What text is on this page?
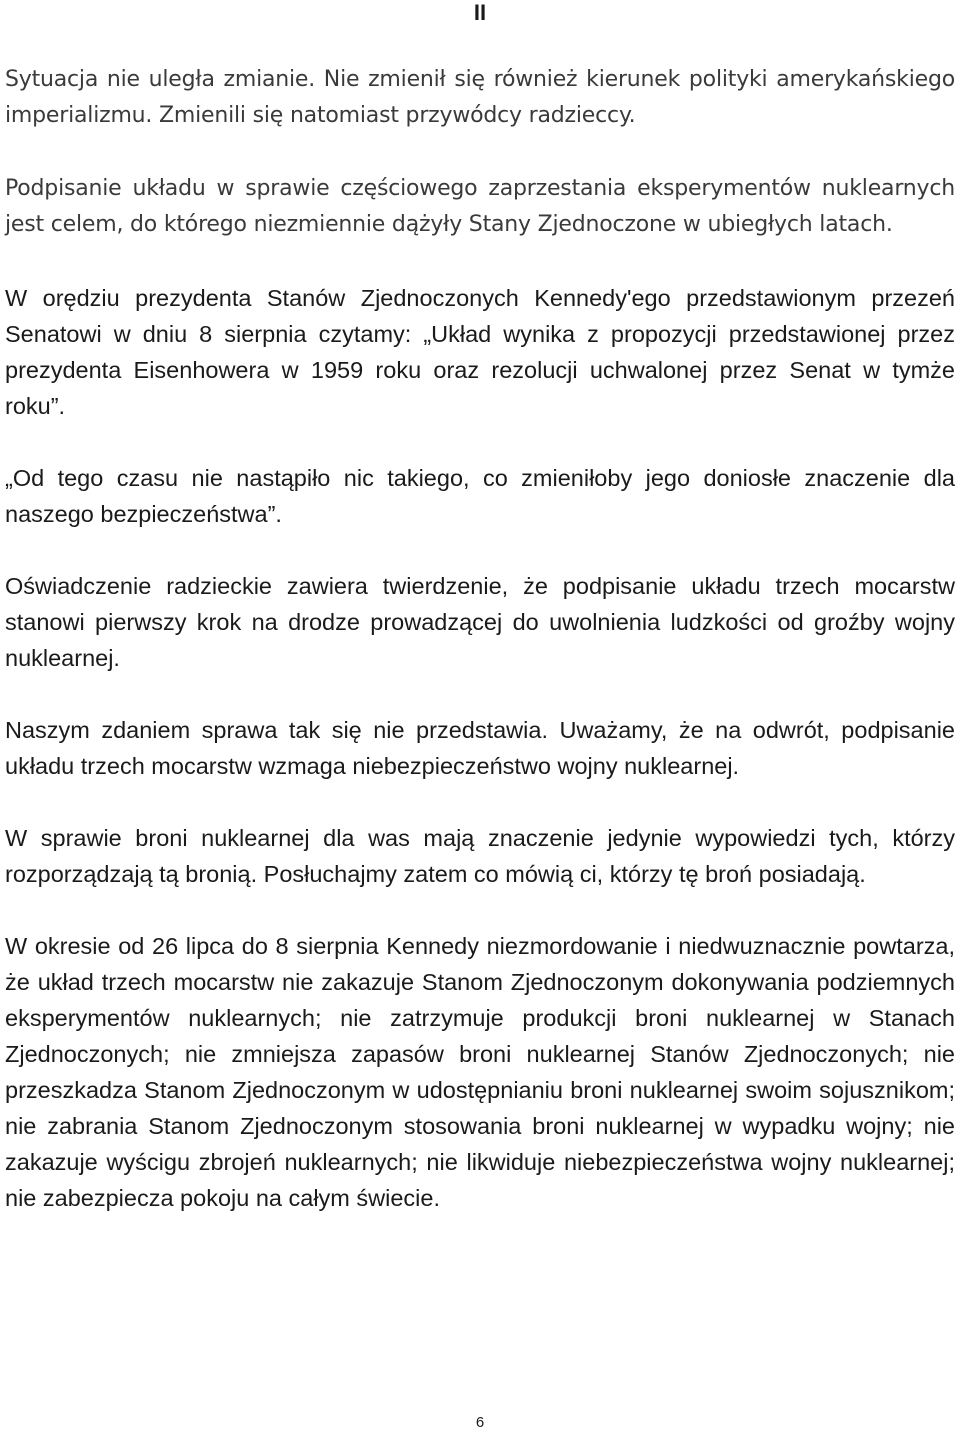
II

Sytuacja nie uległa zmianie. Nie zmienił się również kierunek polityki amerykańskiego imperializmu. Zmienili się natomiast przywódcy radzieccy.

Podpisanie układu w sprawie częściowego zaprzestania eksperymentów nuklearnych jest celem, do którego niezmiennie dążyły Stany Zjednoczone w ubiegłych latach.

W orędziu prezydenta Stanów Zjednoczonych Kennedy'ego przedstawionym przezeń Senatowi w dniu 8 sierpnia czytamy: „Układ wynika z propozycji przedstawionej przez prezydenta Eisenhowera w 1959 roku oraz rezolucji uchwalonej przez Senat w tymże roku”.

„Od tego czasu nie nastąpiło nic takiego, co zmieniłoby jego doniosłe znaczenie dla naszego bezpieczeństwa”.

Oświadczenie radzieckie zawiera twierdzenie, że podpisanie układu trzech mocarstw stanowi pierwszy krok na drodze prowadzącej do uwolnienia ludzkości od groźby wojny nuklearnej.

Naszym zdaniem sprawa tak się nie przedstawia. Uważamy, że na odwrót, podpisanie układu trzech mocarstw wzmaga niebezpieczeństwo wojny nuklearnej.

W sprawie broni nuklearnej dla was mają znaczenie jedynie wypowiedzi tych, którzy rozporządzają tą bronią. Posłuchajmy zatem co mówią ci, którzy tę broń posiadają.

W okresie od 26 lipca do 8 sierpnia Kennedy niezmordowanie i niedwuznacznie powtarza, że układ trzech mocarstw nie zakazuje Stanom Zjednoczonym dokonywania podziemnych eksperymentów nuklearnych; nie zatrzymuje produkcji broni nuklearnej w Stanach Zjednoczonych; nie zmniejsza zapasów broni nuklearnej Stanów Zjednoczonych; nie przeszkadza Stanom Zjednoczonym w udostępnianiu broni nuklearnej swoim sojusznikom; nie zabrania Stanom Zjednoczonym stosowania broni nuklearnej w wypadku wojny; nie zakazuje wyścigu zbrojeń nuklearnych; nie likwiduje niebezpieczeństwa wojny nuklearnej; nie zabezpiecza pokoju na całym świecie.

6
